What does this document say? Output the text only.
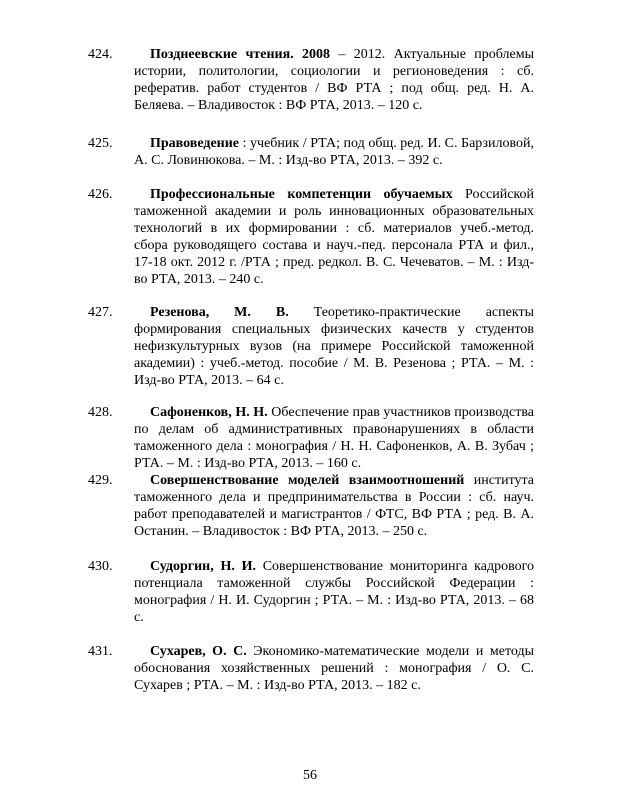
424.	Позднеевские чтения. 2008 – 2012. Актуальные проблемы истории, политологии, социологии и регионоведения : сб. рефератив. работ студентов / ВФ РТА ; под общ. ред. Н. А. Беляева. – Владивосток : ВФ РТА, 2013. – 120 с.
425.	Правоведение : учебник / РТА; под общ. ред. И. С. Барзиловой, А. С. Ловинюкова. – М. : Изд-во РТА, 2013. – 392 с.
426.	Профессиональные компетенции обучаемых Российской таможенной академии и роль инновационных образовательных технологий в их формировании : сб. материалов учеб.-метод. сбора руководящего состава и науч.-пед. персонала РТА и фил., 17-18 окт. 2012 г. /РТА ; пред. редкол. В. С. Чечеватов. – М. : Изд-во РТА, 2013. – 240 с.
427.	Резенова, М. В. Теоретико-практические аспекты формирования специальных физических качеств у студентов нефизкультурных вузов (на примере Российской таможенной академии) : учеб.-метод. пособие / М. В. Резенова ; РТА. – М. : Изд-во РТА, 2013. – 64 с.
428.	Сафоненков, Н. Н. Обеспечение прав участников производства по делам об административных правонарушениях в области таможенного дела : монография / Н. Н. Сафоненков, А. В. Зубач ; РТА. – М. : Изд-во РТА, 2013. – 160 с.
429.	Совершенствование моделей взаимоотношений института таможенного дела и предпринимательства в России : сб. науч. работ преподавателей и магистрантов / ФТС, ВФ РТА ; ред. В. А. Останин. – Владивосток : ВФ РТА, 2013. – 250 с.
430.	Судоргин, Н. И. Совершенствование мониторинга кадрового потенциала таможенной службы Российской Федерации : монография / Н. И. Судоргин ; РТА. – М. : Изд-во РТА, 2013. – 68 с.
431.	Сухарев, О. С. Экономико-математические модели и методы обоснования хозяйственных решений : монография / О. С. Сухарев ; РТА. – М. : Изд-во РТА, 2013. – 182 с.
56
